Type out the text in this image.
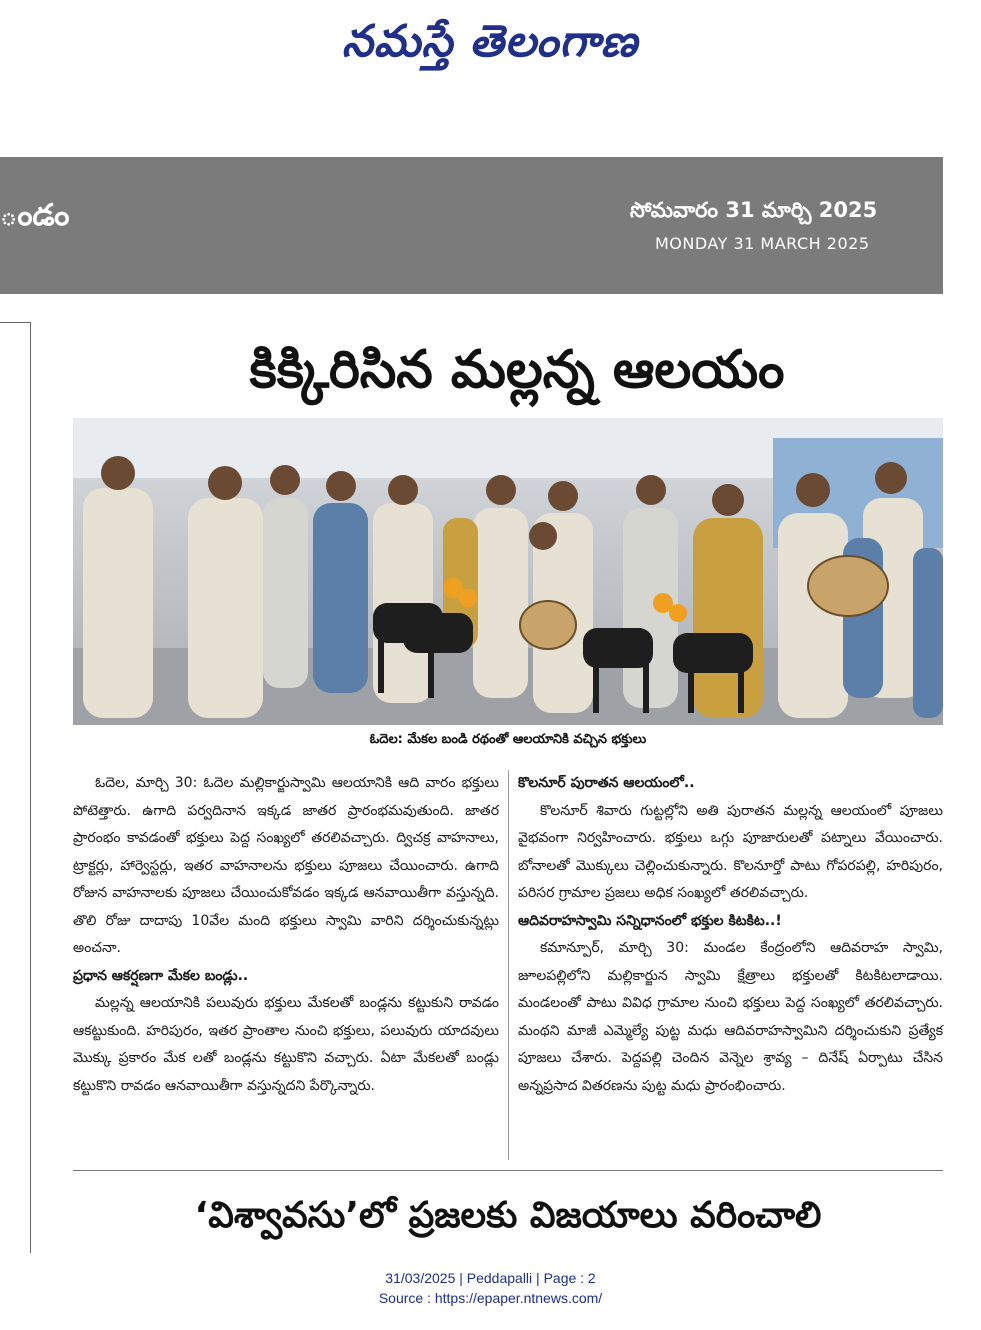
నమస్తే తెలంగాణ
ండం	సోమవారం 31 మార్చి 2025
MONDAY 31 MARCH 2025
కిక్కిరిసిన మల్లన్న ఆలయం
ఓదెల: మేకల బండి రథంతో ఆలయానికి వచ్చిన భక్తులు

ఓదెల, మార్చి 30: ఓదెల మల్లికార్జుస్వామి ఆలయానికి ఆది వారం భక్తులు పోటెత్తారు. ఉగాది పర్వదినాన ఇక్కడ జాతర ప్రారంభమవుతుంది. జాతర ప్రారంభం కావడంతో భక్తులు పెద్ద సంఖ్యలో తరలివచ్చారు. ద్విచక్ర వాహనాలు, ట్రాక్టర్లు, హార్వెస్టర్లు, ఇతర వాహనాలను భక్తులు పూజలు చేయించారు. ఉగాది రోజున వాహనాలకు పూజలు చేయించుకోవడం ఇక్కడ ఆనవాయితీగా వస్తున్నది. తొలి రోజు దాదాపు 10వేల మంది భక్తులు స్వామి వారిని దర్శించుకున్నట్లు అంచనా.

ప్రధాన ఆకర్షణగా మేకల బండ్లు..

మల్లన్న ఆలయానికి పలువురు భక్తులు మేకలతో బండ్లను కట్టుకుని రావడం ఆకట్టుకుంది. హరిపురం, ఇతర ప్రాంతాల నుంచి భక్తులు, పలువురు యాదవులు మొక్కు ప్రకారం మేక లతో బండ్లను కట్టుకొని వచ్చారు. ఏటా మేకలతో బండ్లు కట్టుకొని రావడం ఆనవాయితీగా వస్తున్నదని పేర్కొన్నారు.

కొలనూర్ పురాతన ఆలయంలో..

కొలనూర్ శివారు గుట్టల్లోని అతి పురాతన మల్లన్న ఆలయంలో పూజలు వైభవంగా నిర్వహించారు. భక్తులు ఒగ్గు పూజారులతో పట్నాలు వేయించారు. బోనాలతో మొక్కులు చెల్లించుకున్నారు. కొలనూర్తో పాటు గోపరపల్లి, హరిపురం, పరిసర గ్రామాల ప్రజలు అధిక సంఖ్యలో తరలివచ్చారు.

ఆదివరాహస్వామి సన్నిధానంలో భక్తుల కిటకిట..!

కమాన్పూర్, మార్చి 30: మండల కేంద్రంలోని ఆదివరాహ స్వామి, జూలపల్లిలోని మల్లికార్జున స్వామి క్షేత్రాలు భక్తులతో కిటకిటలాడాయి. మండలంతో పాటు వివిధ గ్రామాల నుంచి భక్తులు పెద్ద సంఖ్యలో తరలివచ్చారు. మంథని మాజీ ఎమ్మెల్యే పుట్ట మధు ఆదివరాహస్వామిని దర్శించుకుని ప్రత్యేక పూజలు చేశారు. పెద్దపల్లి చెందిన వెన్నెల శ్రావ్య – దినేష్ ఏర్పాటు చేసిన అన్నప్రసాద వితరణను పుట్ట మధు ప్రారంభించారు.

‘విశ్వావసు’లో ప్రజలకు విజయాలు వరించాలి
31/03/2025 | Peddapalli | Page : 2
Source : https://epaper.ntnews.com/
